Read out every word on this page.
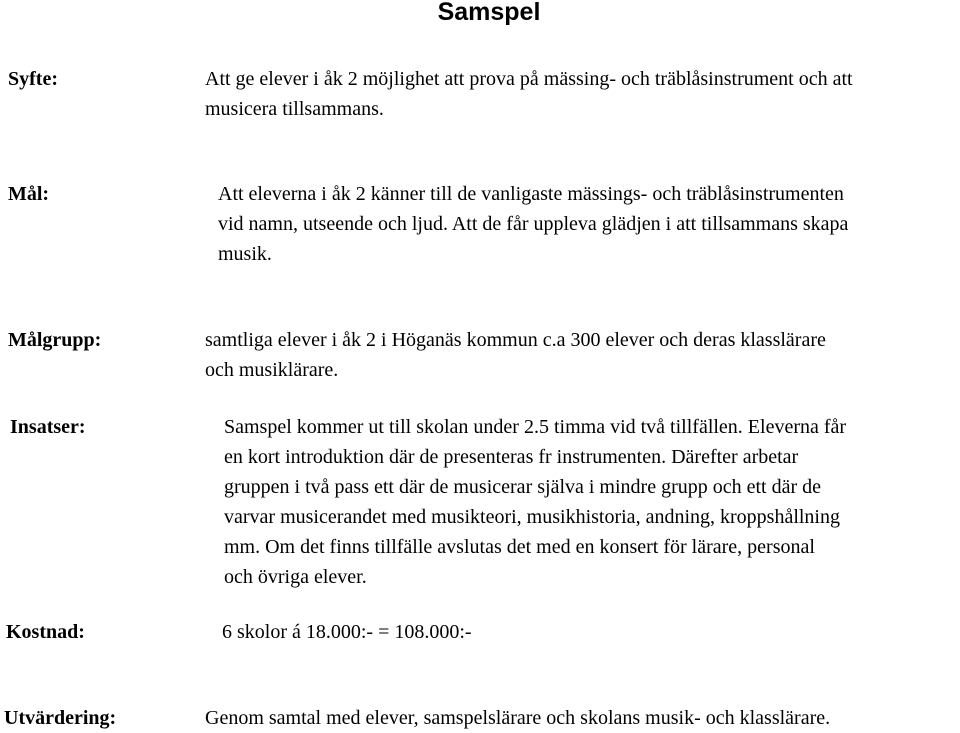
Samspel
Syfte:	Att ge elever i åk 2 möjlighet att prova på mässing- och träblåsinstrument och att
musicera tillsammans.
Mål:	Att eleverna i åk 2 känner till de vanligaste mässings- och träblåsinstrumenten
vid namn, utseende och ljud. Att de får uppleva glädjen i att tillsammans skapa
musik.
Målgrupp:	samtliga elever i åk 2 i Höganäs kommun c.a 300 elever och deras klasslärare
och musiklärare.
Insatser:	Samspel kommer ut till skolan under 2.5 timma vid två tillfällen. Eleverna får
en kort introduktion där de presenteras fr instrumenten. Därefter arbetar
gruppen i två pass ett där de musicerar själva i mindre grupp och ett där de
varvar musicerandet med musikteori, musikhistoria, andning, kroppshållning
mm. Om det finns tillfälle avslutas det med en konsert för lärare, personal
och övriga elever.
Kostnad:	6 skolor á 18.000:- = 108.000:-
Utvärdering:	Genom samtal med elever, samspelslärare och skolans musik- och klasslärare.
